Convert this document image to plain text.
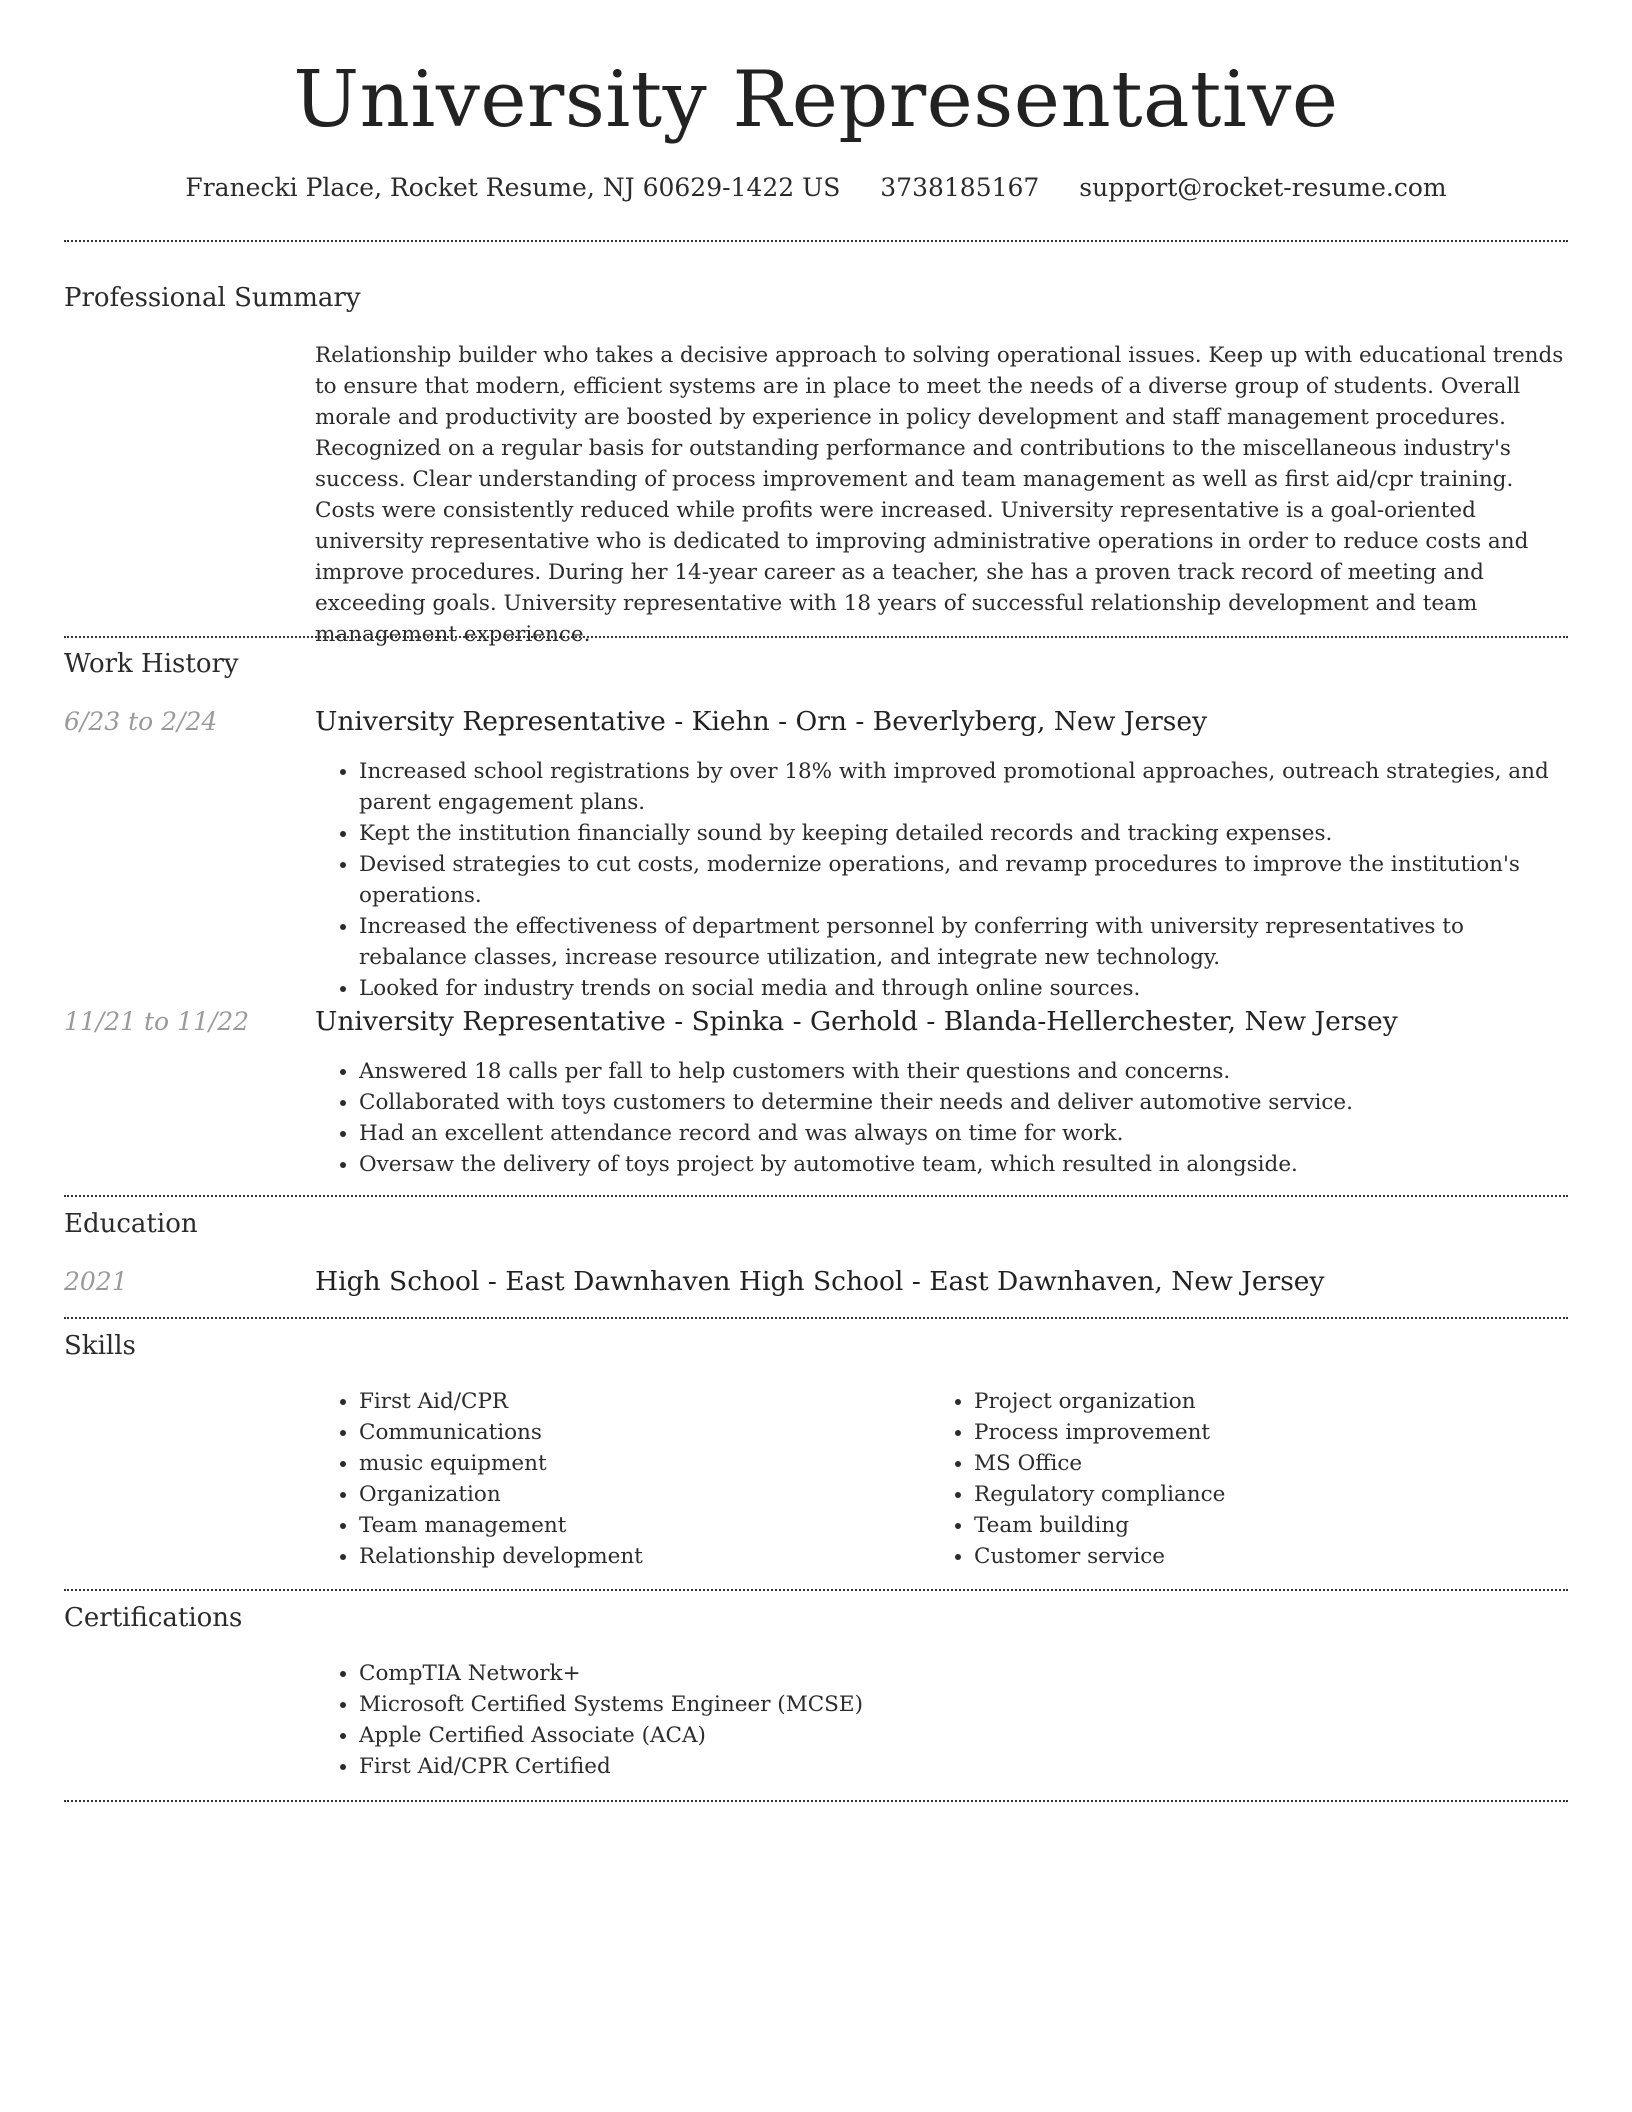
University Representative
Franecki Place, Rocket Resume, NJ 60629-1422 US 3738185167 support@rocket-resume.com
Professional Summary

Relationship builder who takes a decisive approach to solving operational issues. Keep up with educational trends to ensure that modern, efficient systems are in place to meet the needs of a diverse group of students. Overall morale and productivity are boosted by experience in policy development and staff management procedures. Recognized on a regular basis for outstanding performance and contributions to the miscellaneous industry's success. Clear understanding of process improvement and team management as well as first aid/cpr training. Costs were consistently reduced while profits were increased. University representative is a goal-oriented university representative who is dedicated to improving administrative operations in order to reduce costs and improve procedures. During her 14-year career as a teacher, she has a proven track record of meeting and exceeding goals. University representative with 18 years of successful relationship development and team management experience.

Work History
6/23 to 2/24	University Representative - Kiehn - Orn - Beverlyberg, New Jersey
• Increased school registrations by over 18% with improved promotional approaches, outreach strategies, and parent engagement plans.
• Kept the institution financially sound by keeping detailed records and tracking expenses.
• Devised strategies to cut costs, modernize operations, and revamp procedures to improve the institution's operations.
• Increased the effectiveness of department personnel by conferring with university representatives to rebalance classes, increase resource utilization, and integrate new technology.
• Looked for industry trends on social media and through online sources.
11/21 to 11/22 University Representative - Spinka - Gerhold - Blanda-Hellerchester, New Jersey
• Answered 18 calls per fall to help customers with their questions and concerns.
• Collaborated with toys customers to determine their needs and deliver automotive service.
• Had an excellent attendance record and was always on time for work.
• Oversaw the delivery of toys project by automotive team, which resulted in alongside.
Education
2021	High School - East Dawnhaven High School - East Dawnhaven, New Jersey
Skills
• First Aid/CPR
• Communications
• music equipment
• Organization
• Team management
• Relationship development
• Project organization
• Process improvement
• MS Office
• Regulatory compliance
• Team building
• Customer service
Certifications
• CompTIA Network+
• Microsoft Certified Systems Engineer (MCSE)
• Apple Certified Associate (ACA)
• First Aid/CPR Certified
